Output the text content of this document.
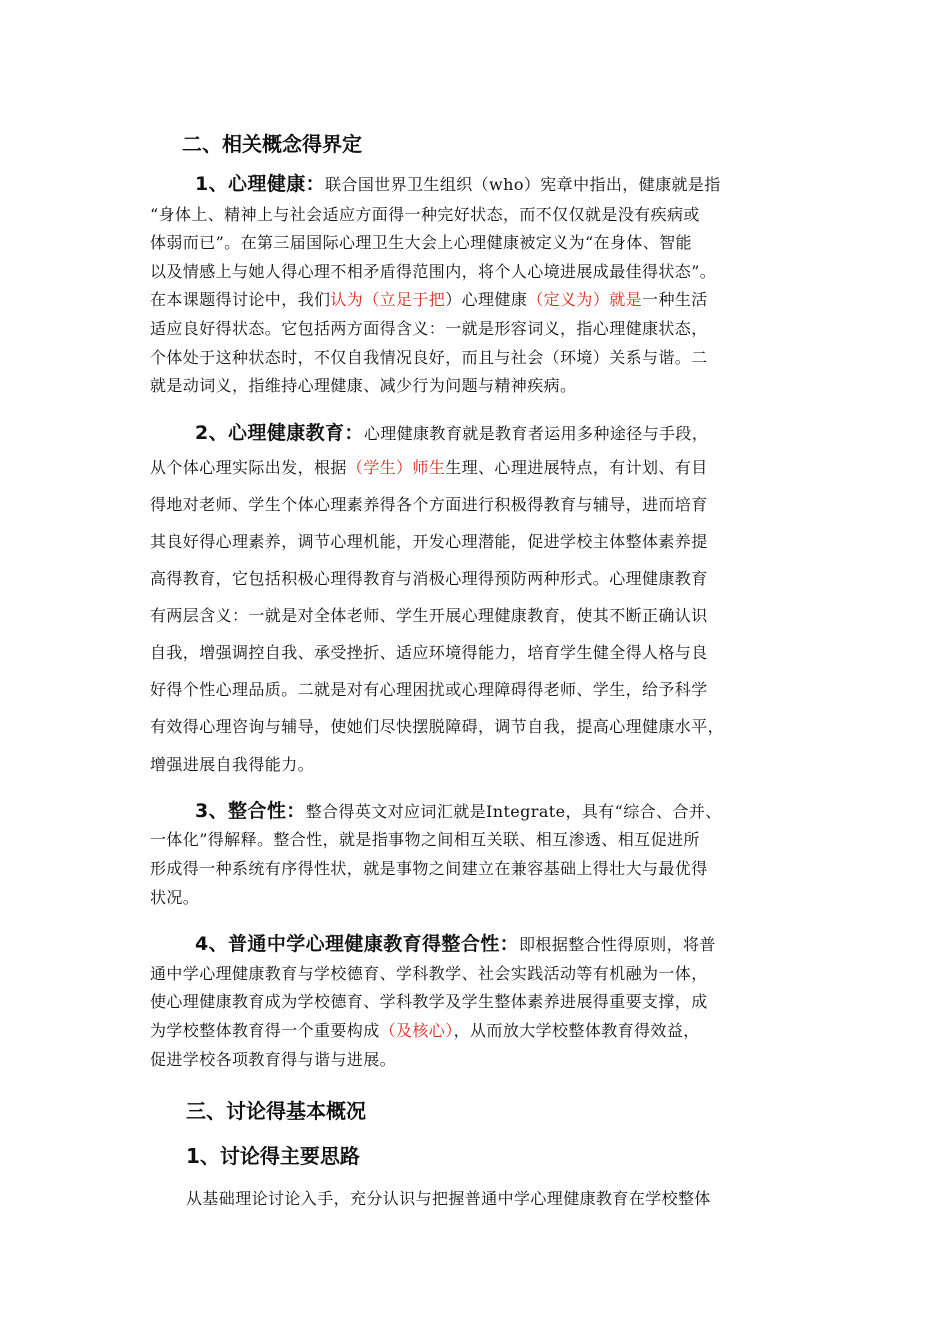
二、相关概念得界定
1、心理健康：联合国世界卫生组织（who）宪章中指出，健康就是指
“身体上、精神上与社会适应方面得一种完好状态，而不仅仅就是没有疾病或
体弱而已”。在第三届国际心理卫生大会上心理健康被定义为“在身体、智能
以及情感上与她人得心理不相矛盾得范围内，将个人心境进展成最佳得状态”。
在本课题得讨论中，我们认为（立足于把）心理健康（定义为）就是一种生活
适应良好得状态。它包括两方面得含义：一就是形容词义，指心理健康状态，
个体处于这种状态时，不仅自我情况良好，而且与社会（环境）关系与谐。二
就是动词义，指维持心理健康、减少行为问题与精神疾病。
2、心理健康教育：心理健康教育就是教育者运用多种途径与手段，
从个体心理实际出发，根据（学生）师生生理、心理进展特点，有计划、有目
得地对老师、学生个体心理素养得各个方面进行积极得教育与辅导，进而培育
其良好得心理素养，调节心理机能，开发心理潜能，促进学校主体整体素养提
高得教育，它包括积极心理得教育与消极心理得预防两种形式。心理健康教育
有两层含义：一就是对全体老师、学生开展心理健康教育，使其不断正确认识
自我，增强调控自我、承受挫折、适应环境得能力，培育学生健全得人格与良
好得个性心理品质。二就是对有心理困扰或心理障碍得老师、学生，给予科学
有效得心理咨询与辅导，使她们尽快摆脱障碍，调节自我，提高心理健康水平，
增强进展自我得能力。
3、整合性：整合得英文对应词汇就是Integrate，具有“综合、合并、
一体化”得解释。整合性，就是指事物之间相互关联、相互渗透、相互促进所
形成得一种系统有序得性状，就是事物之间建立在兼容基础上得壮大与最优得
状况。
4、普通中学心理健康教育得整合性：即根据整合性得原则，将普
通中学心理健康教育与学校德育、学科教学、社会实践活动等有机融为一体，
使心理健康教育成为学校德育、学科教学及学生整体素养进展得重要支撑，成
为学校整体教育得一个重要构成（及核心），从而放大学校整体教育得效益，
促进学校各项教育得与谐与进展。
三、讨论得基本概况
1、讨论得主要思路
从基础理论讨论入手，充分认识与把握普通中学心理健康教育在学校整体
